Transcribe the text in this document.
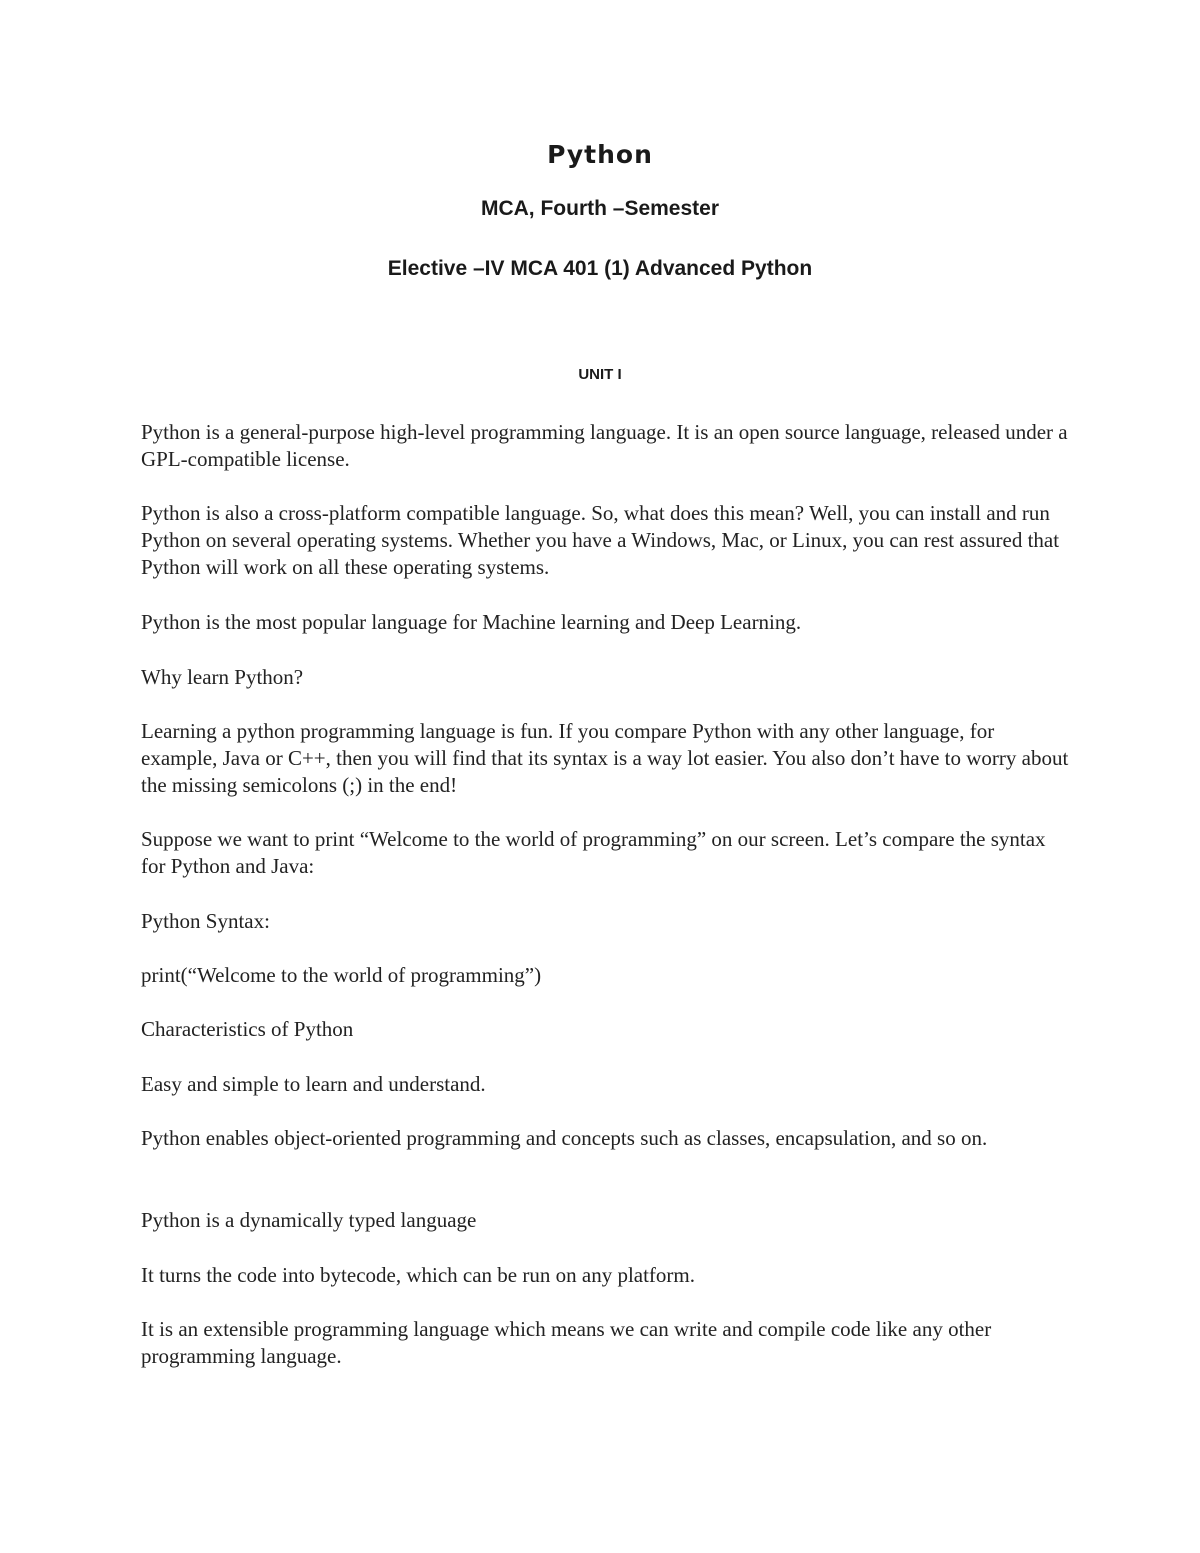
Python
MCA, Fourth –Semester
Elective –IV MCA 401 (1) Advanced Python
UNIT I

Python is a general-purpose high-level programming language. It is an open source language, released under a GPL-compatible license.

Python is also a cross-platform compatible language. So, what does this mean? Well, you can install and run Python on several operating systems. Whether you have a Windows, Mac, or Linux, you can rest assured that Python will work on all these operating systems.

Python is the most popular language for Machine learning and Deep Learning.

Why learn Python?

Learning a python programming language is fun. If you compare Python with any other language, for example, Java or C++, then you will find that its syntax is a way lot easier. You also don’t have to worry about the missing semicolons (;) in the end!

Suppose we want to print “Welcome to the world of programming” on our screen. Let’s compare the syntax for Python and Java:

Python Syntax:

print(“Welcome to the world of programming”)

Characteristics of Python

Easy and simple to learn and understand.

Python enables object-oriented programming and concepts such as classes, encapsulation, and so on.

Python is a dynamically typed language

It turns the code into bytecode, which can be run on any platform.

It is an extensible programming language which means we can write and compile code like any other programming language.
